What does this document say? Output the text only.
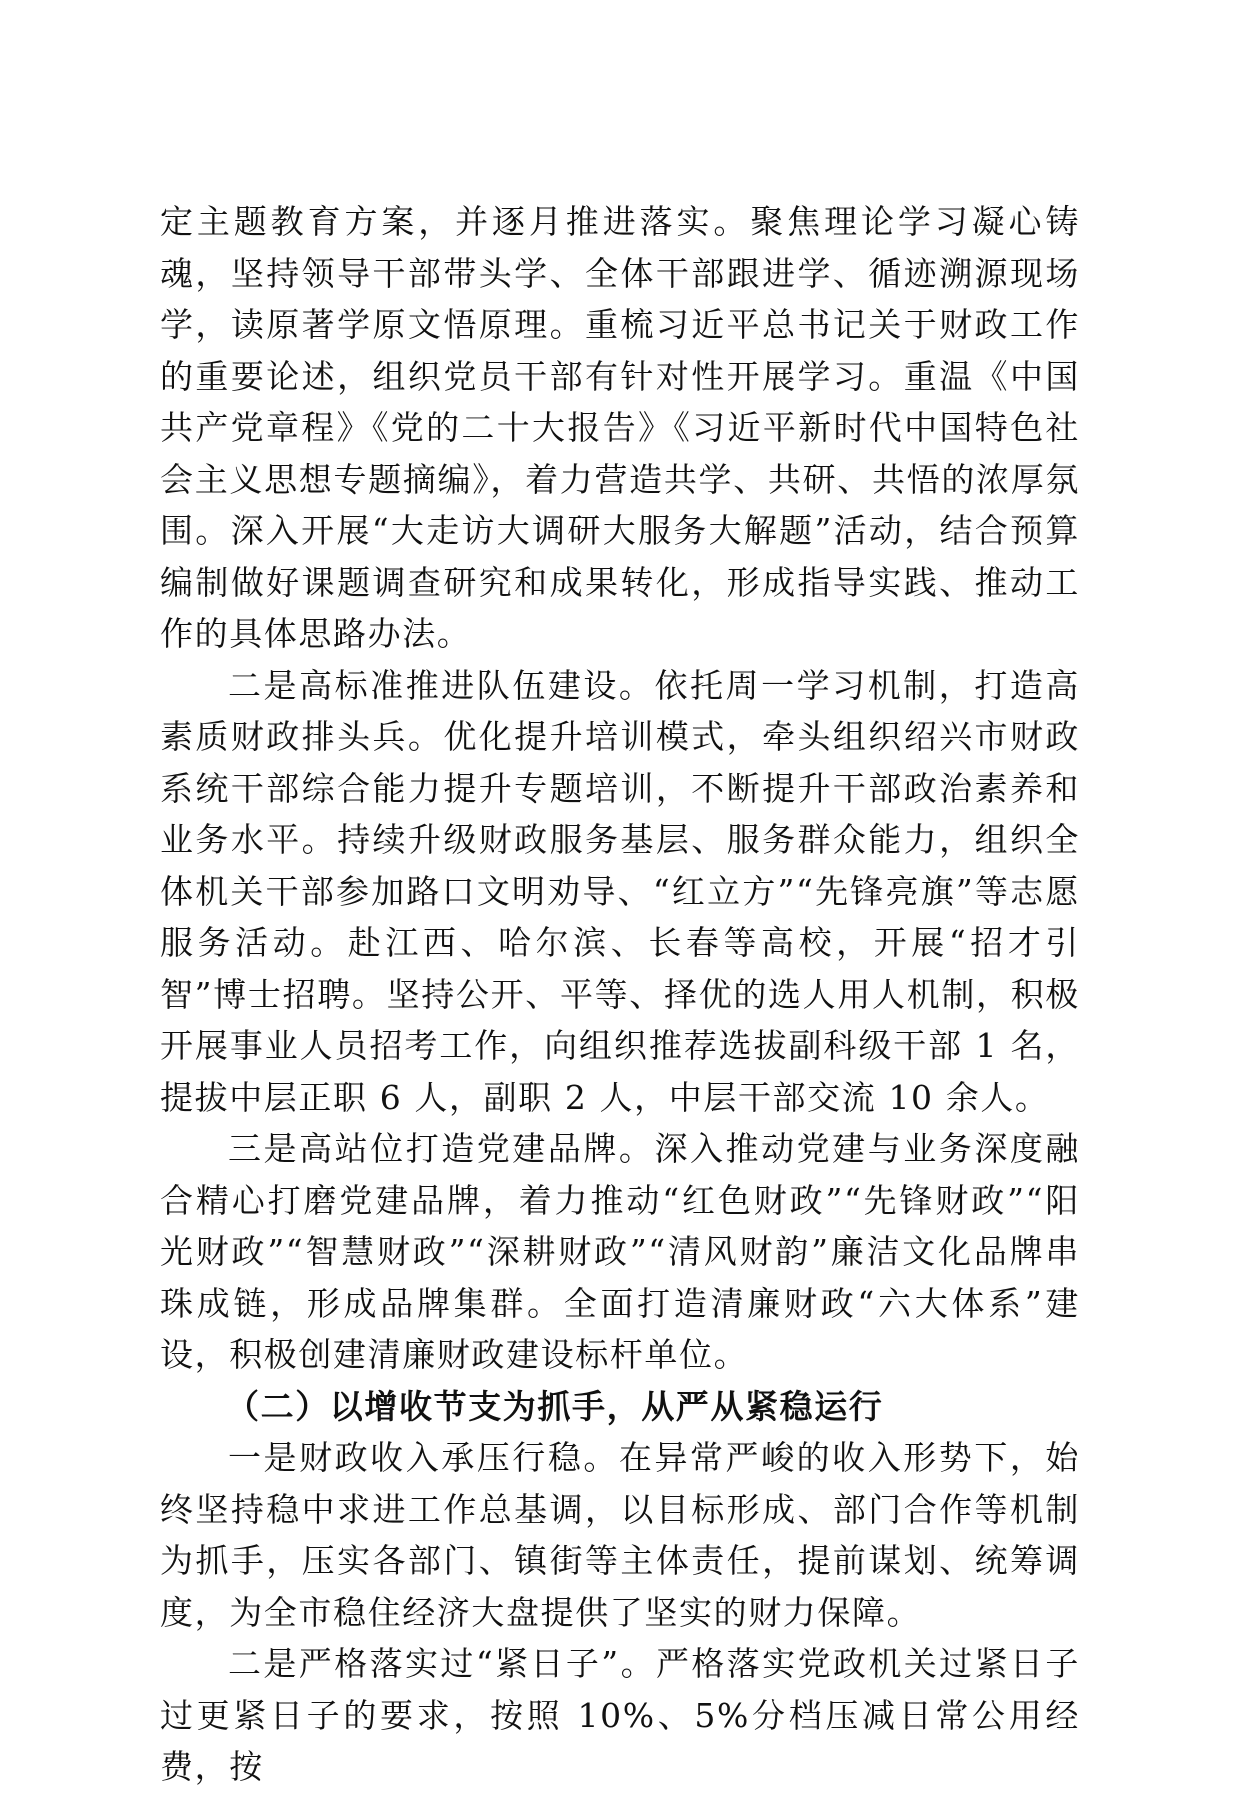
定主题教育方案，并逐月推进落实。聚焦理论学习凝心铸魂，坚持领导干部带头学、全体干部跟进学、循迹溯源现场学，读原著学原文悟原理。重梳习近平总书记关于财政工作的重要论述，组织党员干部有针对性开展学习。重温《中国共产党章程》《党的二十大报告》《习近平新时代中国特色社会主义思想专题摘编》，着力营造共学、共研、共悟的浓厚氛围。深入开展“大走访大调研大服务大解题”活动，结合预算编制做好课题调查研究和成果转化，形成指导实践、推动工作的具体思路办法。

二是高标准推进队伍建设。依托周一学习机制，打造高素质财政排头兵。优化提升培训模式，牵头组织绍兴市财政系统干部综合能力提升专题培训，不断提升干部政治素养和业务水平。持续升级财政服务基层、服务群众能力，组织全体机关干部参加路口文明劝导、“红立方”“先锋亮旗”等志愿服务活动。赴江西、哈尔滨、长春等高校，开展“招才引智”博士招聘。坚持公开、平等、择优的选人用人机制，积极开展事业人员招考工作，向组织推荐选拔副科级干部 1 名，提拔中层正职 6 人，副职 2 人，中层干部交流 10 余人。

三是高站位打造党建品牌。深入推动党建与业务深度融合精心打磨党建品牌，着力推动“红色财政”“先锋财政”“阳光财政”“智慧财政”“深耕财政”“清风财韵”廉洁文化品牌串珠成链，形成品牌集群。全面打造清廉财政“六大体系”建设，积极创建清廉财政建设标杆单位。

（二）以增收节支为抓手，从严从紧稳运行

一是财政收入承压行稳。在异常严峻的收入形势下，始终坚持稳中求进工作总基调，以目标形成、部门合作等机制为抓手，压实各部门、镇街等主体责任，提前谋划、统筹调度，为全市稳住经济大盘提供了坚实的财力保障。

二是严格落实过“紧日子”。严格落实党政机关过紧日子过更紧日子的要求，按照 10%、5%分档压减日常公用经费，按
